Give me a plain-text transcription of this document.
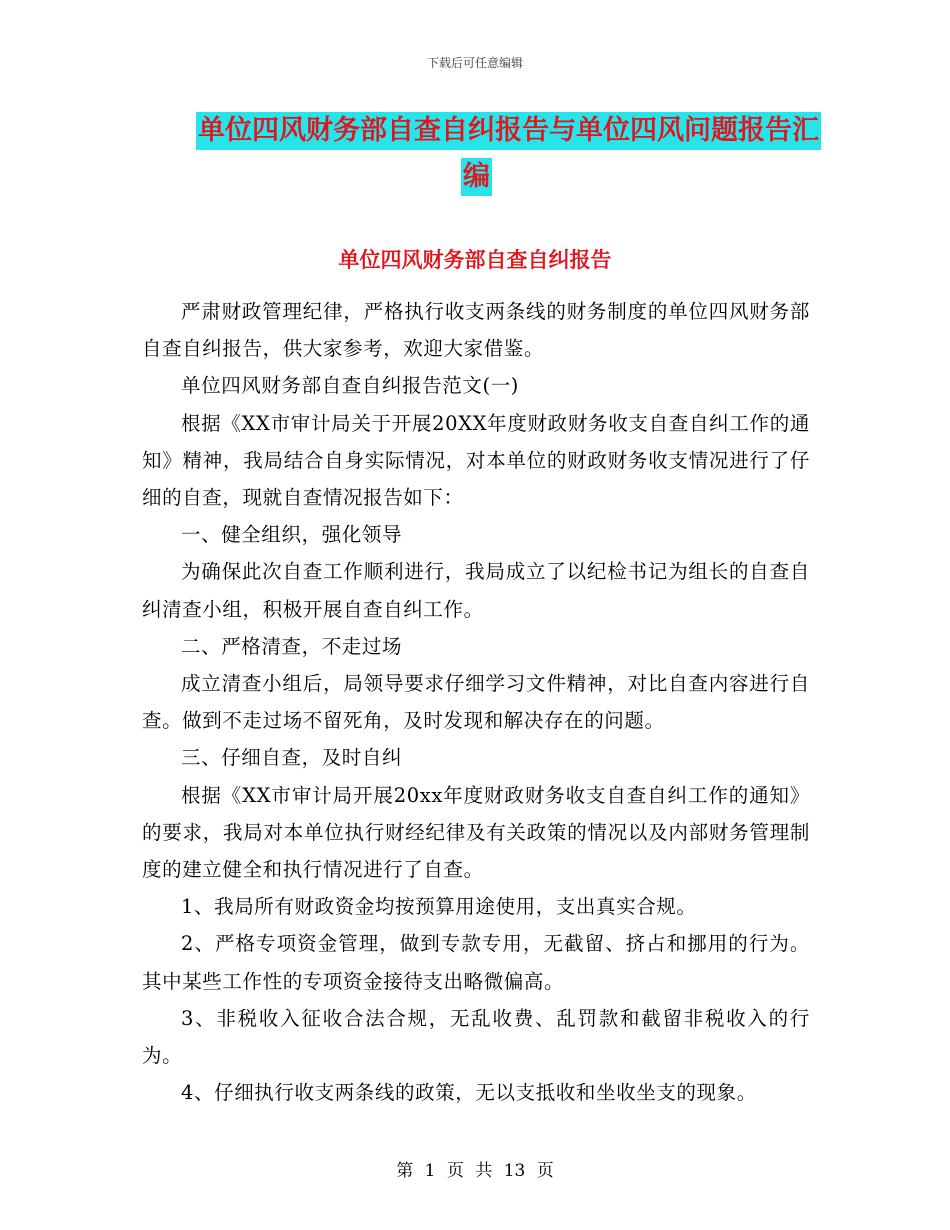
下载后可任意编辑
单位四风财务部自查自纠报告与单位四风问题报告汇
编
单位四风财务部自查自纠报告

严肃财政管理纪律，严格执行收支两条线的财务制度的单位四风财务部自查自纠报告，供大家参考，欢迎大家借鉴。

单位四风财务部自查自纠报告范文(一)

根据《XX市审计局关于开展20XX年度财政财务收支自查自纠工作的通知》精神，我局结合自身实际情况，对本单位的财政财务收支情况进行了仔细的自查，现就自查情况报告如下：

一、健全组织，强化领导

为确保此次自查工作顺利进行，我局成立了以纪检书记为组长的自查自纠清查小组，积极开展自查自纠工作。

二、严格清查，不走过场

成立清查小组后，局领导要求仔细学习文件精神，对比自查内容进行自查。做到不走过场不留死角，及时发现和解决存在的问题。

三、仔细自查，及时自纠

根据《XX市审计局开展20xx年度财政财务收支自查自纠工作的通知》的要求，我局对本单位执行财经纪律及有关政策的情况以及内部财务管理制度的建立健全和执行情况进行了自查。

1、我局所有财政资金均按预算用途使用，支出真实合规。

2、严格专项资金管理，做到专款专用，无截留、挤占和挪用的行为。其中某些工作性的专项资金接待支出略微偏高。

3、非税收入征收合法合规，无乱收费、乱罚款和截留非税收入的行为。

4、仔细执行收支两条线的政策，无以支抵收和坐收坐支的现象。

第 1 页 共 13 页
